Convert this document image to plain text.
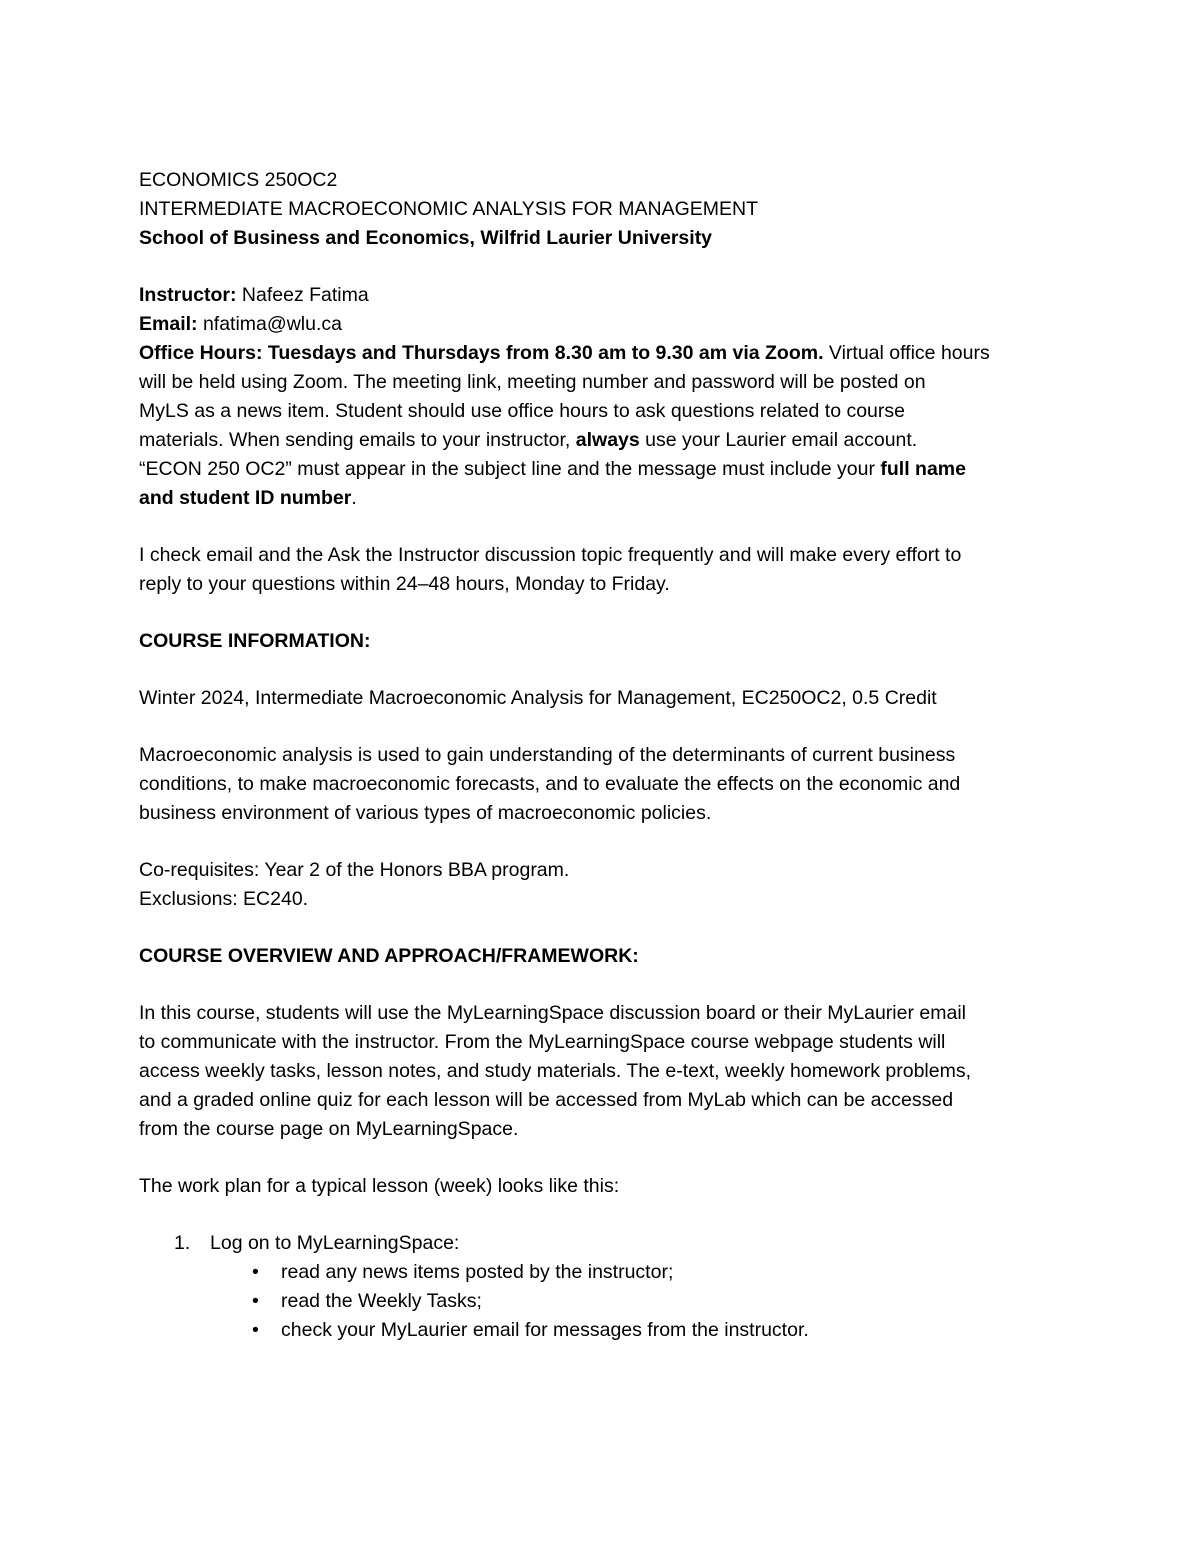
ECONOMICS 250OC2
INTERMEDIATE MACROECONOMIC ANALYSIS FOR MANAGEMENT
School of Business and Economics, Wilfrid Laurier University
Instructor: Nafeez Fatima
Email: nfatima@wlu.ca
Office Hours: Tuesdays and Thursdays from 8.30 am to 9.30 am via Zoom. Virtual office hours
will be held using Zoom. The meeting link, meeting number and password will be posted on
MyLS as a news item. Student should use office hours to ask questions related to course
materials. When sending emails to your instructor, always use your Laurier email account.
“ECON 250 OC2” must appear in the subject line and the message must include your full name
and student ID number.
I check email and the Ask the Instructor discussion topic frequently and will make every effort to
reply to your questions within 24–48 hours, Monday to Friday.
COURSE INFORMATION:
Winter 2024, Intermediate Macroeconomic Analysis for Management, EC250OC2, 0.5 Credit
Macroeconomic analysis is used to gain understanding of the determinants of current business
conditions, to make macroeconomic forecasts, and to evaluate the effects on the economic and
business environment of various types of macroeconomic policies.
Co-requisites: Year 2 of the Honors BBA program.
Exclusions: EC240.
COURSE OVERVIEW AND APPROACH/FRAMEWORK:
In this course, students will use the MyLearningSpace discussion board or their MyLaurier email
to communicate with the instructor. From the MyLearningSpace course webpage students will
access weekly tasks, lesson notes, and study materials. The e-text, weekly homework problems,
and a graded online quiz for each lesson will be accessed from MyLab which can be accessed
from the course page on MyLearningSpace.
The work plan for a typical lesson (week) looks like this:
1. Log on to MyLearningSpace:
• read any news items posted by the instructor;
• read the Weekly Tasks;
• check your MyLaurier email for messages from the instructor.
